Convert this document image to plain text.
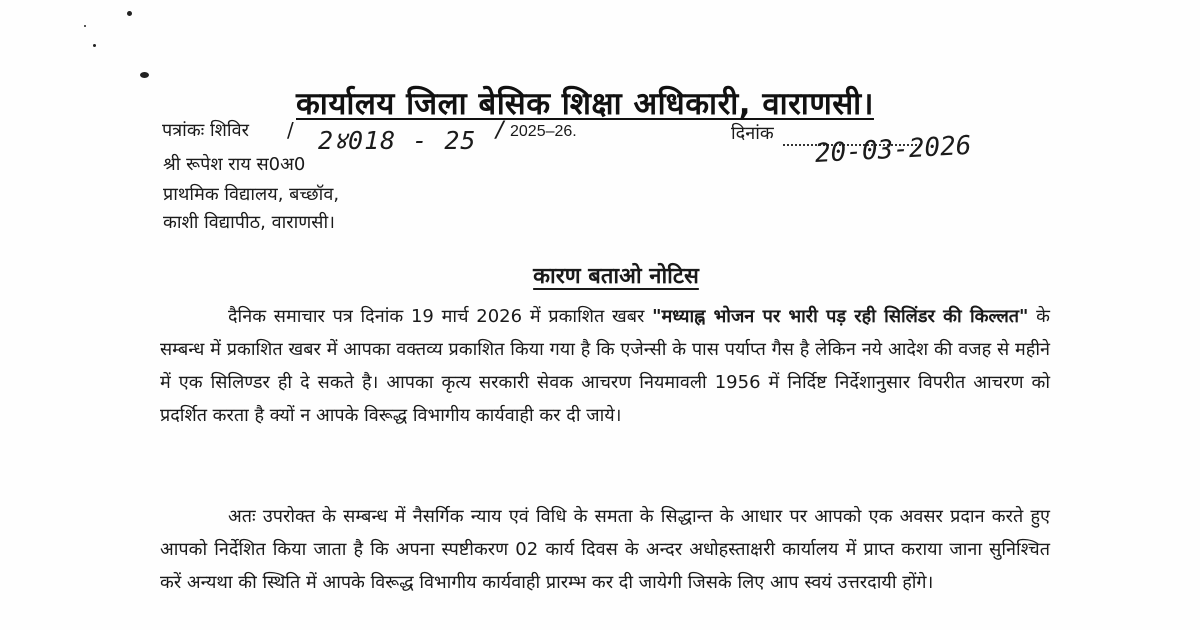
कार्यालय जिला बेसिक शिक्षा अधिकारी, वाराणसी।
पत्रांकः शिविर / 2४018 - 25 / 2025–26.	दिनांक 20-03-2026
श्री रूपेश राय स0अ0
प्राथमिक विद्यालय, बच्छॉव,
काशी विद्यापीठ, वाराणसी।
कारण बताओ नोटिस

दैनिक समाचार पत्र दिनांक 19 मार्च 2026 में प्रकाशित खबर "मध्याह्न भोजन पर भारी पड़ रही सिलिंडर की किल्लत" के सम्बन्ध में प्रकाशित खबर में आपका वक्तव्य प्रकाशित किया गया है कि एजेन्सी के पास पर्याप्त गैस है लेकिन नये आदेश की वजह से महीने में एक सिलिण्डर ही दे सकते है। आपका कृत्य सरकारी सेवक आचरण नियमावली 1956 में निर्दिष्ट निर्देशानुसार विपरीत आचरण को प्रदर्शित करता है क्यों न आपके विरूद्ध विभागीय कार्यवाही कर दी जाये।

अतः उपरोक्त के सम्बन्ध में नैसर्गिक न्याय एवं विधि के समता के सिद्धान्त के आधार पर आपको एक अवसर प्रदान करते हुए आपको निर्देशित किया जाता है कि अपना स्पष्टीकरण 02 कार्य दिवस के अन्दर अधोहस्ताक्षरी कार्यालय में प्राप्त कराया जाना सुनिश्चित करें अन्यथा की स्थिति में आपके विरूद्ध विभागीय कार्यवाही प्रारम्भ कर दी जायेगी जिसके लिए आप स्वयं उत्तरदायी होंगे।
